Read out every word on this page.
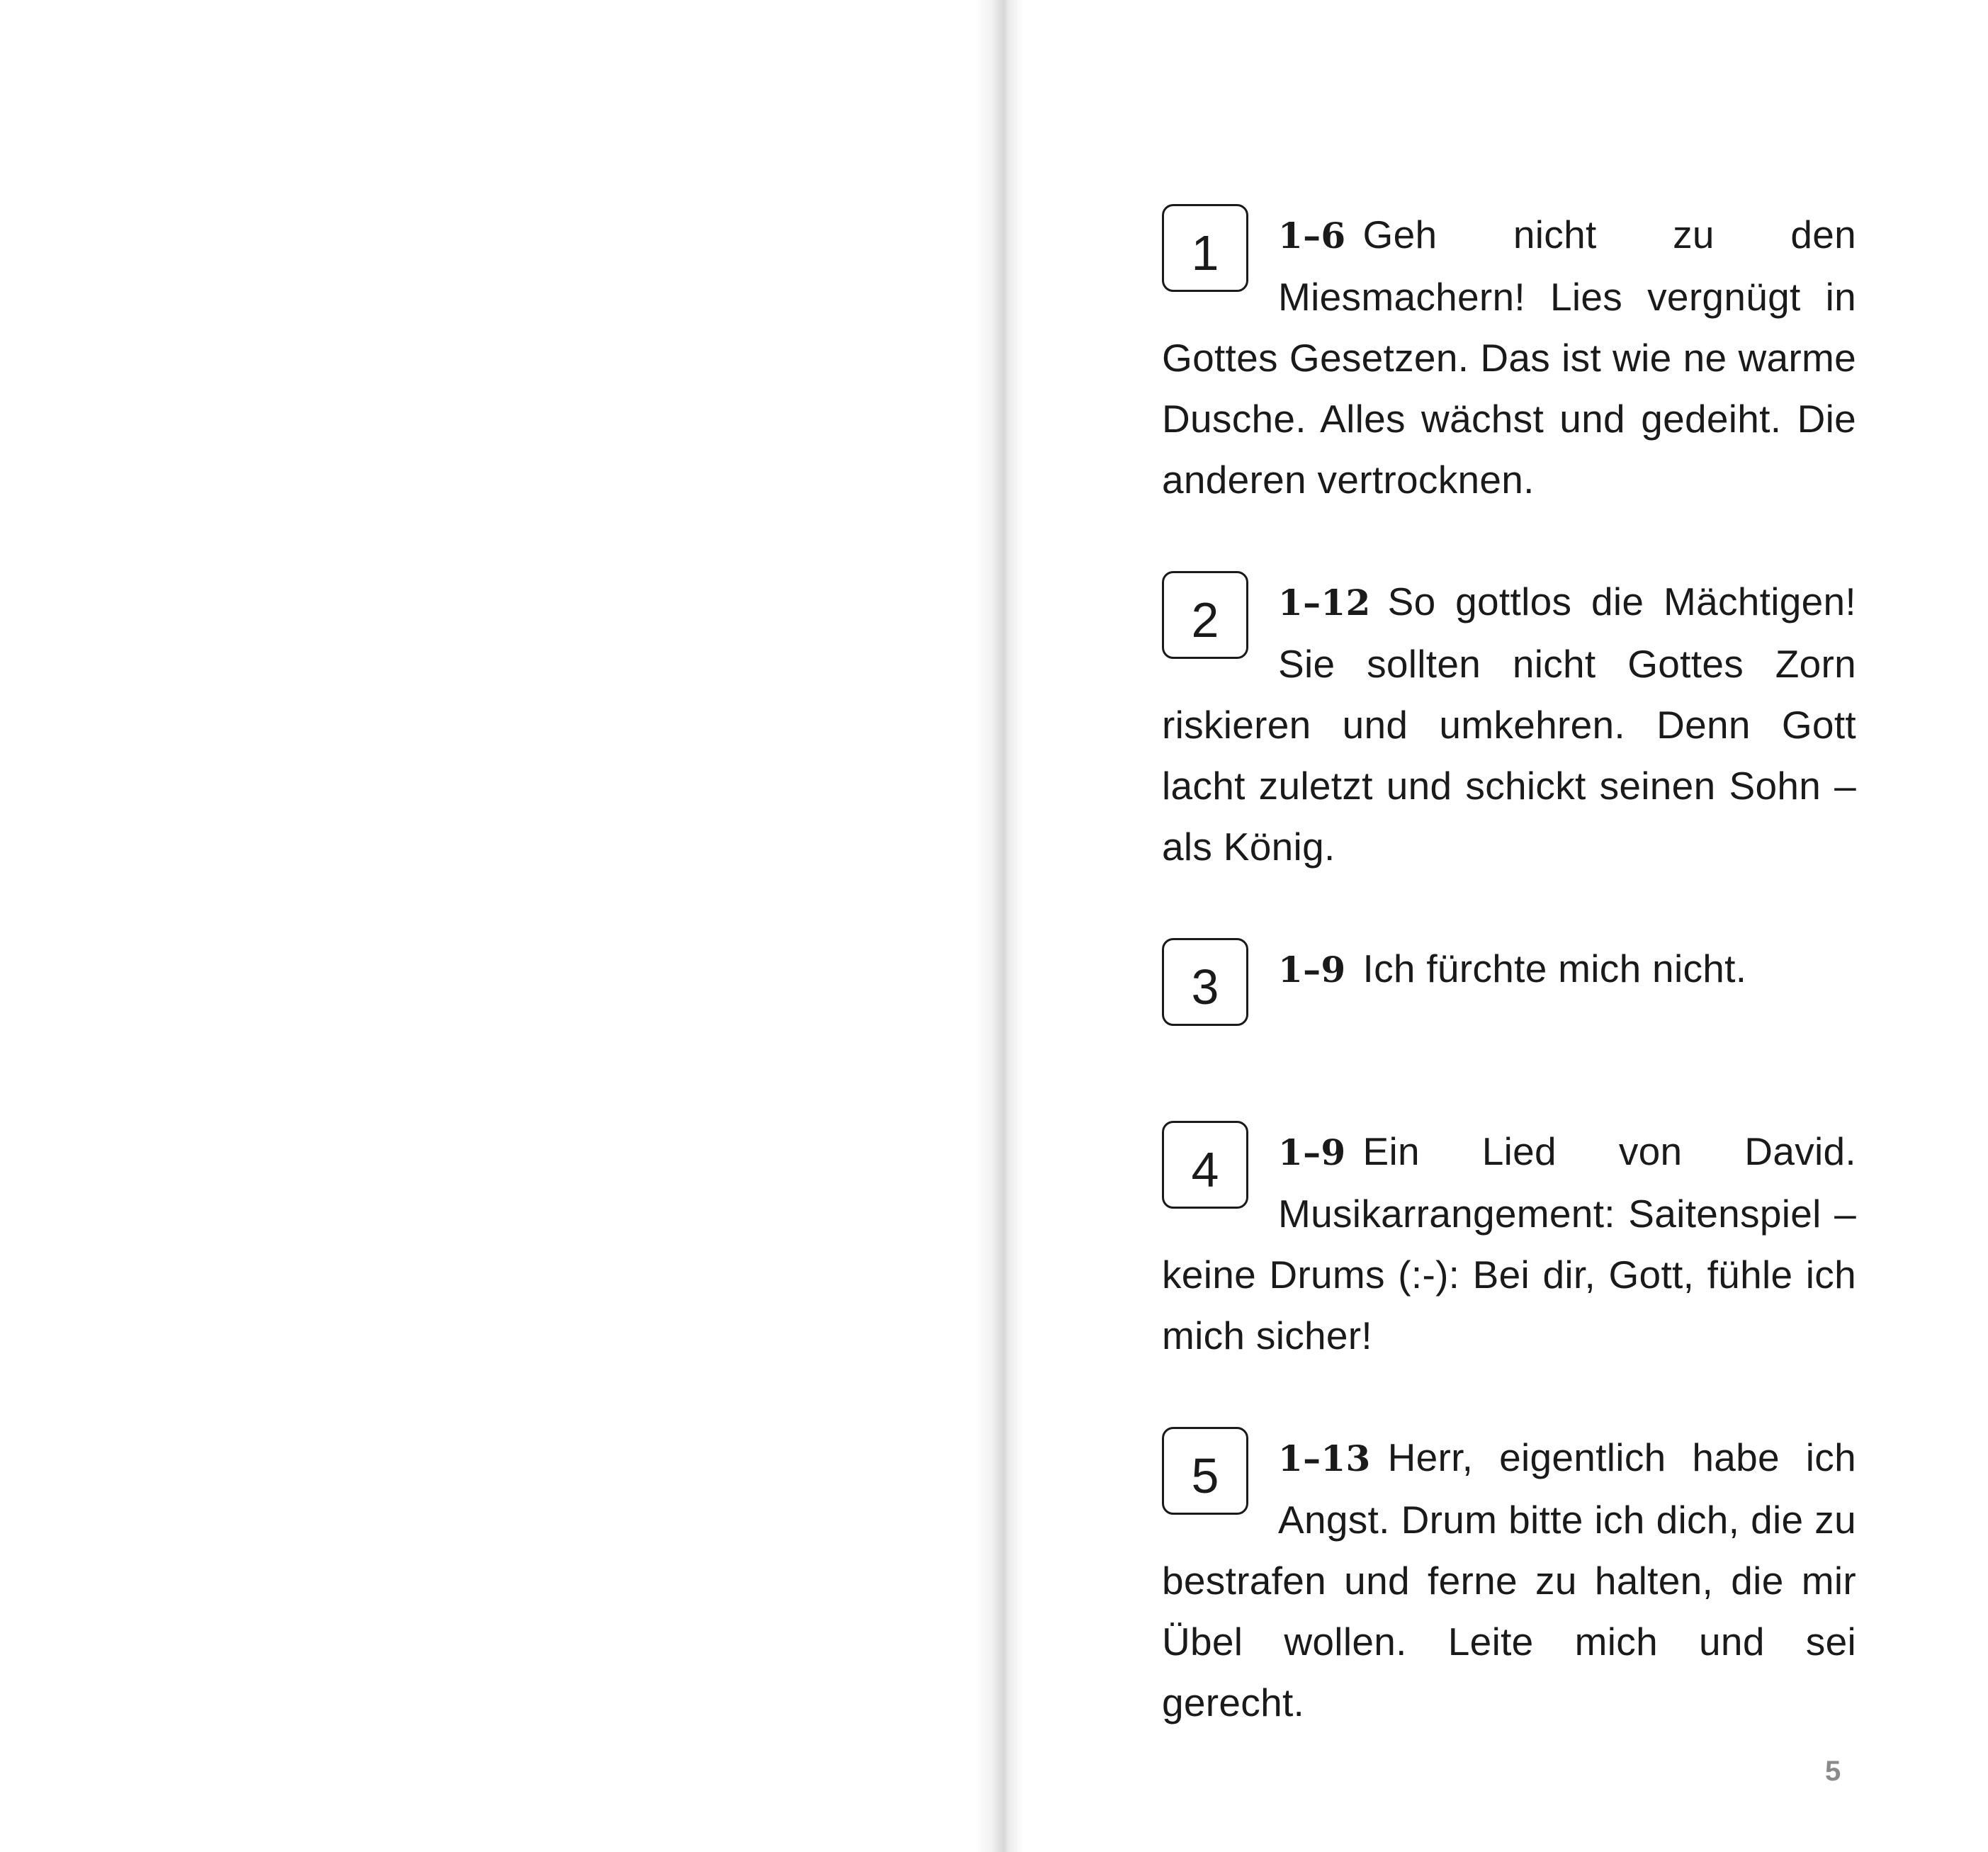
1	1–6 Geh nicht zu den Miesmachern! Lies vergnügt in Gottes Gesetzen. Das ist wie ne warme Dusche. Alles wächst und gedeiht. Die anderen vertrocknen.

2	1–12 So gottlos die Mächtigen! Sie sollten nicht Gottes Zorn riskieren und umkehren. Denn Gott lacht zuletzt und schickt seinen Sohn – als König.

3	1–9 Ich fürchte mich nicht.

4	1–9 Ein Lied von David. Musikarrangement: Saitenspiel – keine Drums (:-): Bei dir, Gott, fühle ich mich sicher!

5	1–13 Herr, eigentlich habe ich Angst. Drum bitte ich dich, die zu bestrafen und ferne zu halten, die mir Übel wollen. Leite mich und sei gerecht.

5
